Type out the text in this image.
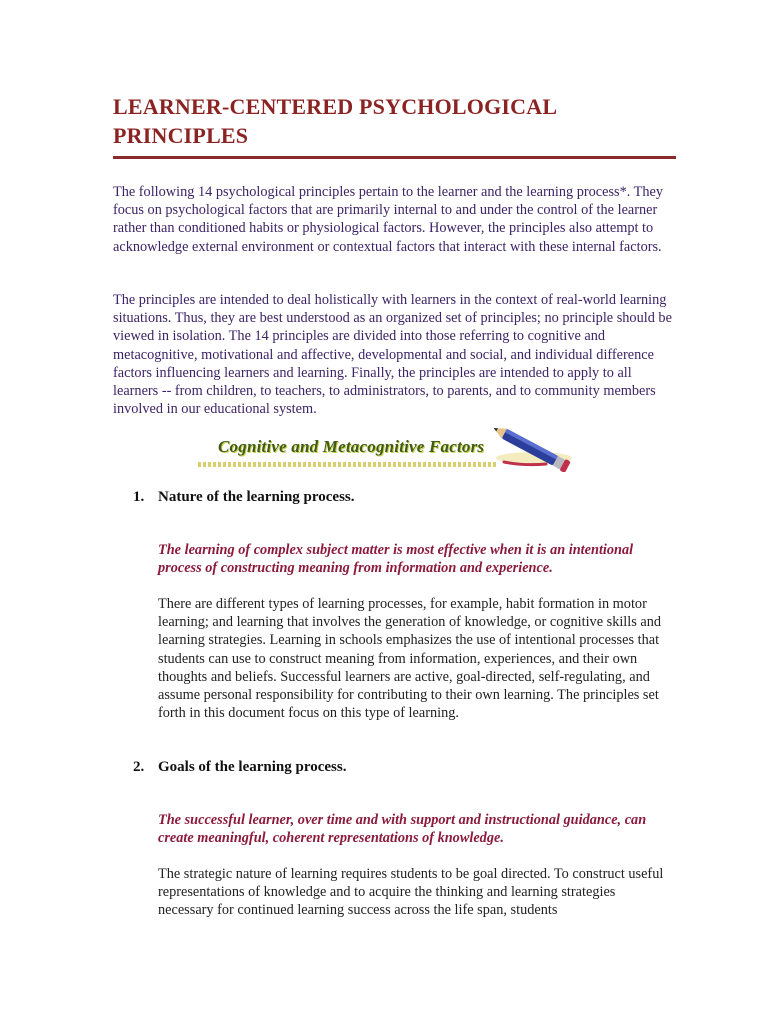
LEARNER-CENTERED PSYCHOLOGICAL PRINCIPLES

The following 14 psychological principles pertain to the learner and the learning process*. They focus on psychological factors that are primarily internal to and under the control of the learner rather than conditioned habits or physiological factors. However, the principles also attempt to acknowledge external environment or contextual factors that interact with these internal factors.

The principles are intended to deal holistically with learners in the context of real-world learning situations. Thus, they are best understood as an organized set of principles; no principle should be viewed in isolation. The 14 principles are divided into those referring to cognitive and metacognitive, motivational and affective, developmental and social, and individual difference factors influencing learners and learning. Finally, the principles are intended to apply to all learners -- from children, to teachers, to administrators, to parents, and to community members involved in our educational system.

Cognitive and Metacognitive Factors
1. Nature of the learning process.

The learning of complex subject matter is most effective when it is an intentional process of constructing meaning from information and experience.

There are different types of learning processes, for example, habit formation in motor learning; and learning that involves the generation of knowledge, or cognitive skills and learning strategies. Learning in schools emphasizes the use of intentional processes that students can use to construct meaning from information, experiences, and their own thoughts and beliefs. Successful learners are active, goal-directed, self-regulating, and assume personal responsibility for contributing to their own learning. The principles set forth in this document focus on this type of learning.

2. Goals of the learning process.

The successful learner, over time and with support and instructional guidance, can create meaningful, coherent representations of knowledge.

The strategic nature of learning requires students to be goal directed. To construct useful representations of knowledge and to acquire the thinking and learning strategies necessary for continued learning success across the life span, students
